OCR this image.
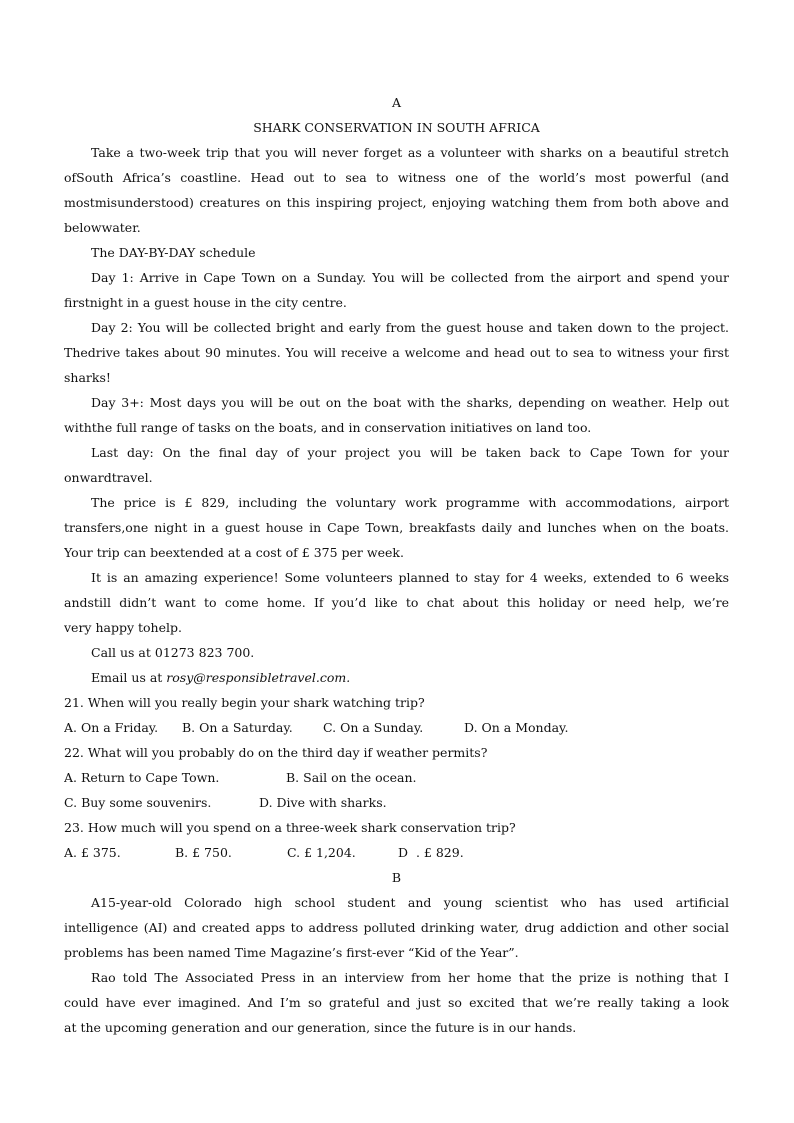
A
SHARK CONSERVATION IN SOUTH AFRICA
Take a two-week trip that you will never forget as a volunteer with sharks on a beautiful stretch
ofSouth Africa’s coastline. Head out to sea to witness one of the world’s most powerful (and
mostmisunderstood) creatures on this inspiring project, enjoying watching them from both above and
belowwater.
The DAY-BY-DAY schedule
Day 1: Arrive in Cape Town on a Sunday. You will be collected from the airport and spend your
firstnight in a guest house in the city centre.
Day 2: You will be collected bright and early from the guest house and taken down to the project.
Thedrive takes about 90 minutes. You will receive a welcome and head out to sea to witness your first
sharks!
Day 3+: Most days you will be out on the boat with the sharks, depending on weather. Help out
withthe full range of tasks on the boats, and in conservation initiatives on land too.
Last day: On the final day of your project you will be taken back to Cape Town for your
onwardtravel.
The price is £ 829, including the voluntary work programme with accommodations, airport
transfers,one night in a guest house in Cape Town, breakfasts daily and lunches when on the boats.
Your trip can beextended at a cost of £ 375 per week.
It is an amazing experience! Some volunteers planned to stay for 4 weeks, extended to 6 weeks
andstill didn’t want to come home. If you’d like to chat about this holiday or need help, we’re
very happy tohelp.
Call us at 01273 823 700.
Email us at rosy@responsibletravel.com.
21. When will you really begin your shark watching trip?
A. On a Friday.	B. On a Saturday.	C. On a Sunday.	D. On a Monday.
22. What will you probably do on the third day if weather permits?
A. Return to Cape Town.	B. Sail on the ocean.
C. Buy some souvenirs.	D. Dive with sharks.
23. How much will you spend on a three-week shark conservation trip?
A. £ 375.	B. £ 750.	C. £ 1,204.	D  . £ 829.
B
A15-year-old Colorado high school student and young scientist who has used artificial
intelligence (AI) and created apps to address polluted drinking water, drug addiction and other social
problems has been named Time Magazine’s first-ever “Kid of the Year”.
Rao told The Associated Press in an interview from her home that the prize is nothing that I
could have ever imagined. And I’m so grateful and just so excited that we’re really taking a look
at the upcoming generation and our generation, since the future is in our hands.
